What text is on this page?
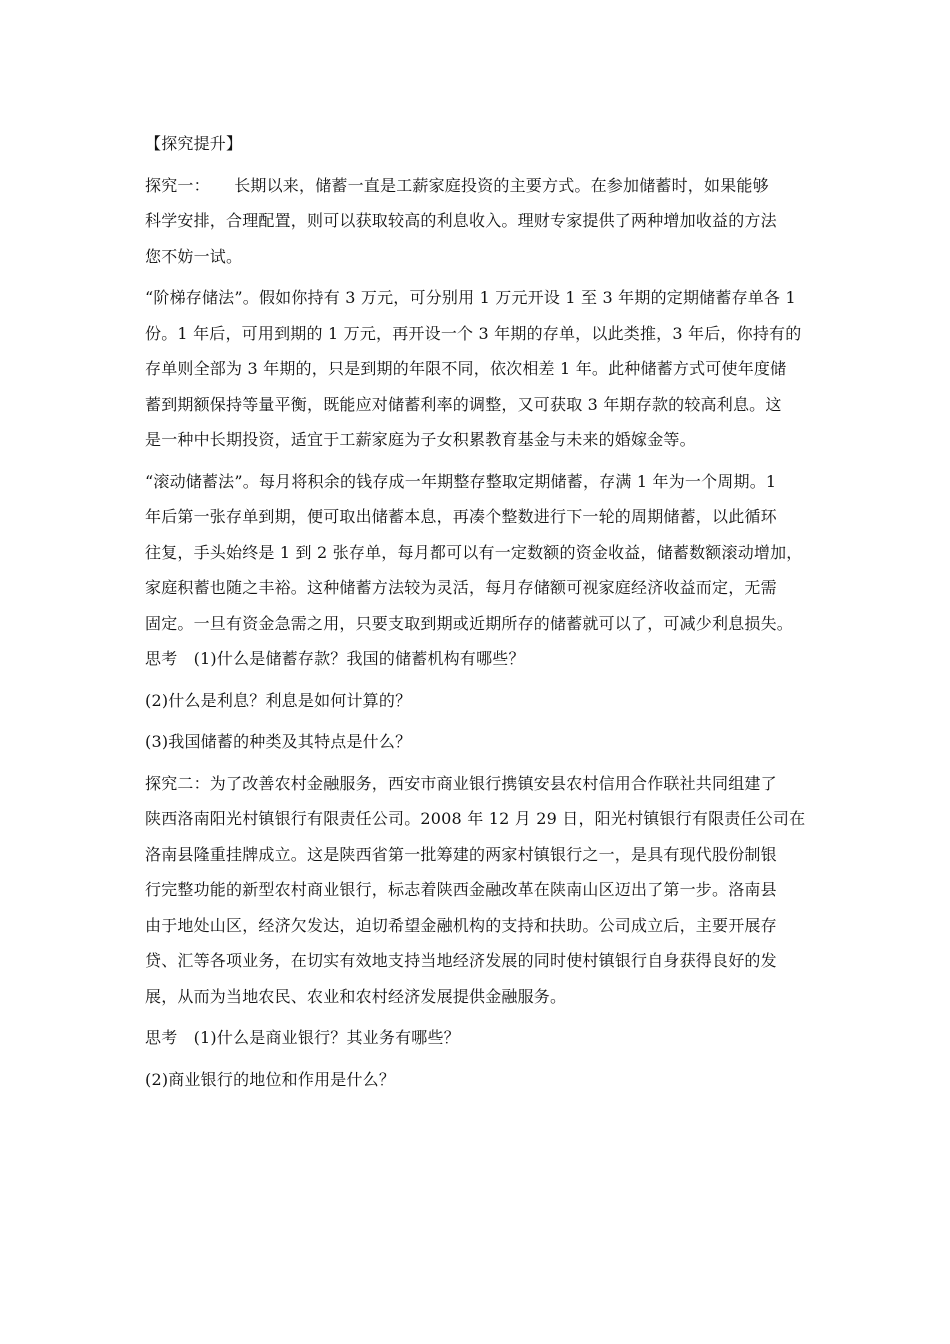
【探究提升】

探究一：　　长期以来，储蓄一直是工薪家庭投资的主要方式。在参加储蓄时，如果能够

科学安排，合理配置，则可以获取较高的利息收入。理财专家提供了两种增加收益的方法

您不妨一试。

“阶梯存储法”。假如你持有 3 万元，可分别用 1 万元开设 1 至 3 年期的定期储蓄存单各 1

份。1 年后，可用到期的 1 万元，再开设一个 3 年期的存单，以此类推，3 年后，你持有的

存单则全部为 3 年期的，只是到期的年限不同，依次相差 1 年。此种储蓄方式可使年度储

蓄到期额保持等量平衡，既能应对储蓄利率的调整，又可获取 3 年期存款的较高利息。这

是一种中长期投资，适宜于工薪家庭为子女积累教育基金与未来的婚嫁金等。

“滚动储蓄法”。每月将积余的钱存成一年期整存整取定期储蓄，存满 1 年为一个周期。1

年后第一张存单到期，便可取出储蓄本息，再凑个整数进行下一轮的周期储蓄，以此循环

往复，手头始终是 1 到 2 张存单，每月都可以有一定数额的资金收益，储蓄数额滚动增加，

家庭积蓄也随之丰裕。这种储蓄方法较为灵活，每月存储额可视家庭经济收益而定，无需

固定。一旦有资金急需之用，只要支取到期或近期所存的储蓄就可以了，可减少利息损失。

思考　(1)什么是储蓄存款？我国的储蓄机构有哪些？

(2)什么是利息？利息是如何计算的？

(3)我国储蓄的种类及其特点是什么？

探究二：为了改善农村金融服务，西安市商业银行携镇安县农村信用合作联社共同组建了

陕西洛南阳光村镇银行有限责任公司。2008 年 12 月 29 日，阳光村镇银行有限责任公司在

洛南县隆重挂牌成立。这是陕西省第一批筹建的两家村镇银行之一，是具有现代股份制银

行完整功能的新型农村商业银行，标志着陕西金融改革在陕南山区迈出了第一步。洛南县

由于地处山区，经济欠发达，迫切希望金融机构的支持和扶助。公司成立后，主要开展存

贷、汇等各项业务，在切实有效地支持当地经济发展的同时使村镇银行自身获得良好的发

展，从而为当地农民、农业和农村经济发展提供金融服务。

思考　(1)什么是商业银行？其业务有哪些？

(2)商业银行的地位和作用是什么？
